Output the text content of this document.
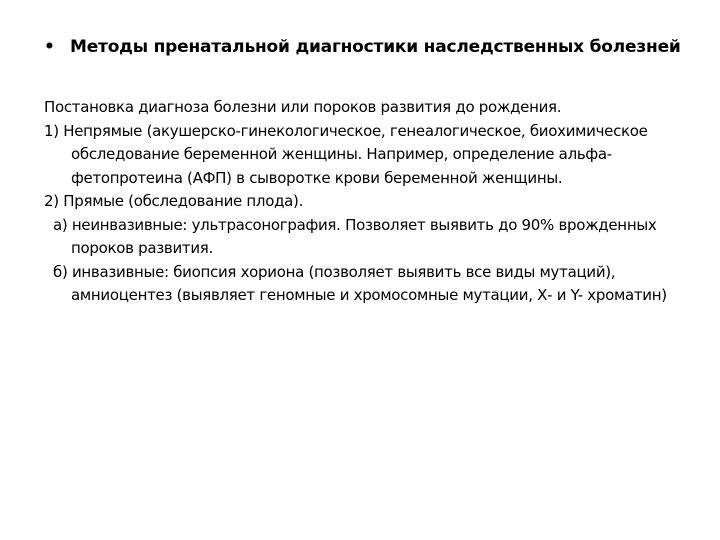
• Методы пренатальной диагностики наследственных болезней

Постановка диагноза болезни или пороков развития до рождения.

1) Непрямые (акушерско-гинекологическое, генеалогическое, биохимическое обследование беременной женщины. Например, определение альфа-фетопротеина (АФП) в сыворотке крови беременной женщины.

2) Прямые (обследование плода).

а) неинвазивные: ультрасонография. Позволяет выявить до 90% врожденных пороков развития.

б) инвазивные: биопсия хориона (позволяет выявить все виды мутаций), амниоцентез (выявляет геномные и хромосомные мутации, Х- и Y- хроматин)
